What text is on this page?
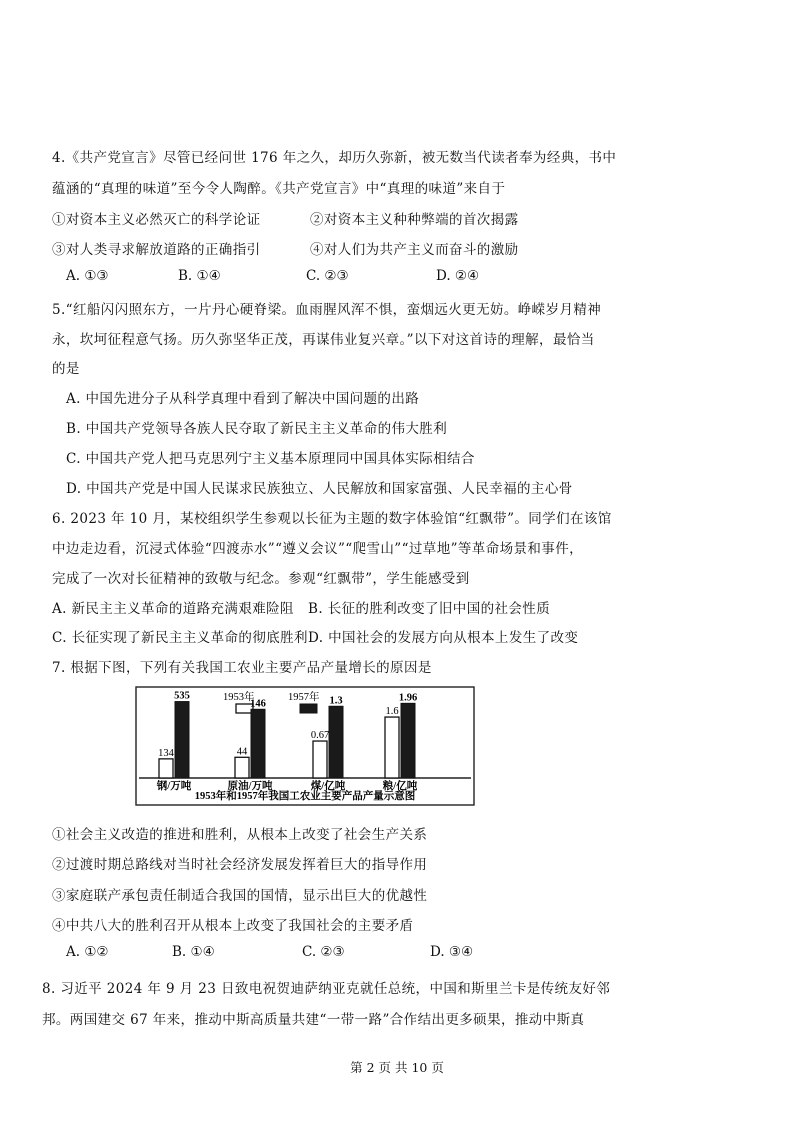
4.《共产党宣言》尽管已经问世 176 年之久，却历久弥新，被无数当代读者奉为经典，书中
蕴涵的“真理的味道”至今令人陶醉。《共产党宣言》中“真理的味道”来自于
①对资本主义必然灭亡的科学论证	②对资本主义种种弊端的首次揭露
③对人类寻求解放道路的正确指引	④对人们为共产主义而奋斗的激励
A. ①③	B. ①④	C. ②③	D. ②④
5.“红船闪闪照东方，一片丹心硬脊梁。血雨腥风浑不惧，蛮烟远火更无妨。峥嵘岁月精神
永，坎坷征程意气扬。历久弥坚华正茂，再谋伟业复兴章。”以下对这首诗的理解，最恰当
的是
A. 中国先进分子从科学真理中看到了解决中国问题的出路
B. 中国共产党领导各族人民夺取了新民主主义革命的伟大胜利
C. 中国共产党人把马克思列宁主义基本原理同中国具体实际相结合
D. 中国共产党是中国人民谋求民族独立、人民解放和国家富强、人民幸福的主心骨
6. 2023 年 10 月，某校组织学生参观以长征为主题的数字体验馆“红飘带”。同学们在该馆
中边走边看，沉浸式体验“四渡赤水”“遵义会议”“爬雪山”“过草地”等革命场景和事件，
完成了一次对长征精神的致敬与纪念。参观“红飘带”，学生能感受到
A. 新民主主义革命的道路充满艰难险阻 B. 长征的胜利改变了旧中国的社会性质
C. 长征实现了新民主主义革命的彻底胜利 D. 中国社会的发展方向从根本上发生了改变
7. 根据下图，下列有关我国工农业主要产品产量增长的原因是
1953年	1957年
134
535
44
146
0.67
1.3
1.6
1.96
钢/万吨	原油/万吨	煤/亿吨	粮/亿吨
1953年和1957年我国工农业主要产品产量示意图
①社会主义改造的推进和胜利，从根本上改变了社会生产关系
②过渡时期总路线对当时社会经济发展发挥着巨大的指导作用
③家庭联产承包责任制适合我国的国情，显示出巨大的优越性
④中共八大的胜利召开从根本上改变了我国社会的主要矛盾
A. ①②	B. ①④	C. ②③	D. ③④
8. 习近平 2024 年 9 月 23 日致电祝贺迪萨纳亚克就任总统，中国和斯里兰卡是传统友好邻
邦。两国建交 67 年来，推动中斯高质量共建“一带一路”合作结出更多硕果，推动中斯真
第 2 页 共 10 页
